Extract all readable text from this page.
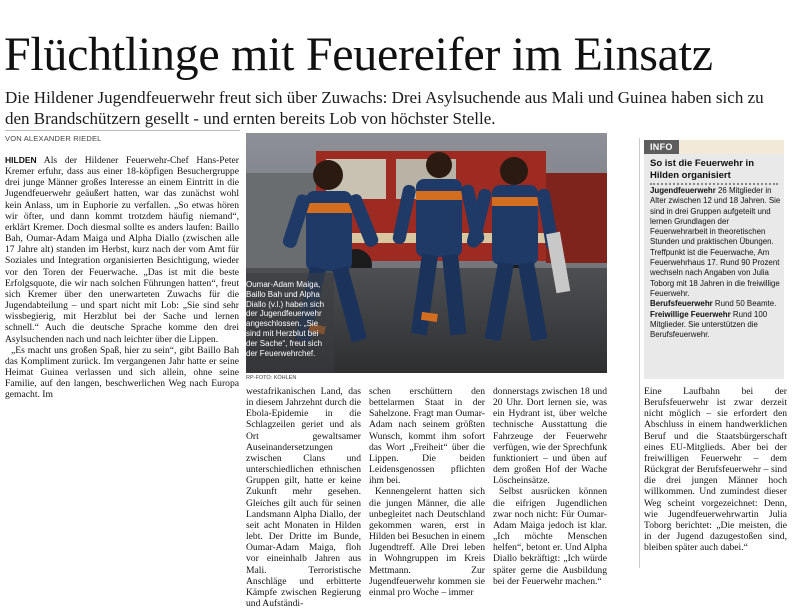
Flüchtlinge mit Feuereifer im Einsatz
Die Hildener Jugendfeuerwehr freut sich über Zuwachs: Drei Asylsuchende aus Mali und Guinea haben sich zu den Brandschützern gesellt - und ernten bereits Lob von höchster Stelle.
VON ALEXANDER RIEDEL

HILDEN Als der Hildener Feuerwehr-Chef Hans-Peter Kremer erfuhr, dass aus einer 18-köpfigen Besuchergruppe drei junge Männer großes Interesse an einem Eintritt in die Jugendfeuerwehr geäußert hatten, war das zunächst wohl kein Anlass, um in Euphorie zu verfallen. „So etwas hören wir öfter, und dann kommt trotzdem häufig niemand“, erklärt Kremer. Doch diesmal sollte es anders laufen: Baillo Bah, Oumar-Adam Maiga und Alpha Diallo (zwischen alle 17 Jahre alt) standen im Herbst, kurz nach der vom Amt für Soziales und Integration organisierten Besichtigung, wieder vor den Toren der Feuerwache. „Das ist mit die beste Erfolgsquote, die wir nach solchen Führungen hatten“, freut sich Kremer über den unerwarteten Zuwachs für die Jugendabteilung – und spart nicht mit Lob: „Sie sind sehr wissbegierig, mit Herzblut bei der Sache und lernen schnell.“ Auch die deutsche Sprache komme den drei Asylsuchenden nach und nach leichter über die Lippen.

„Es macht uns großen Spaß, hier zu sein“, gibt Baillo Bah das Kompliment zurück. Im vergangenen Jahr hatte er seine Heimat Guinea verlassen und sich allein, ohne seine Familie, auf den langen, beschwerlichen Weg nach Europa gemacht. Im

Oumar-Adam Maiga, Baillo Bah und Alpha Diallo (v.l.) haben sich der Jugendfeuerwehr angeschlossen. „Sie sind mit Herzblut bei der Sache“, freut sich der Feuerwehrchef.
RP-FOTO: KÖHLEN

westafrikanischen Land, das in diesem Jahrzehnt durch die Ebola-Epidemie in die Schlagzeilen geriet und als Ort gewaltsamer Auseinandersetzungen zwischen Clans und unterschiedlichen ethnischen Gruppen gilt, hatte er keine Zukunft mehr gesehen. Gleiches gilt auch für seinen Landsmann Alpha Diallo, der seit acht Monaten in Hilden lebt. Der Dritte im Bunde, Oumar-Adam Maiga, floh vor eineinhalb Jahren aus Mali. Terroristische Anschläge und erbitterte Kämpfe zwischen Regierung und Aufständi-

schen erschüttern den bettelarmen Staat in der Sahelzone. Fragt man Oumar-Adam nach seinem größten Wunsch, kommt ihm sofort das Wort „Freiheit“ über die Lippen. Die beiden Leidensgenossen pflichten ihm bei.

Kennengelernt hatten sich die jungen Männer, die alle unbegleitet nach Deutschland gekommen waren, erst in Hilden bei Besuchen in einem Jugendtreff. Alle Drei leben in Wohngruppen im Kreis Mettmann. Zur Jugendfeuerwehr kommen sie einmal pro Woche – immer

donnerstags zwischen 18 und 20 Uhr. Dort lernen sie, was ein Hydrant ist, über welche technische Ausstattung die Fahrzeuge der Feuerwehr verfügen, wie der Sprechfunk funktioniert – und üben auf dem großen Hof der Wache Löscheinsätze.

Selbst ausrücken können die eifrigen Jugendlichen zwar noch nicht: Für Oumar-Adam Maiga jedoch ist klar. „Ich möchte Menschen helfen“, betont er. Und Alpha Diallo bekräftigt: „Ich würde später gerne die Ausbildung bei der Feuerwehr machen.“

INFO
So ist die Feuerwehr in Hilden organisiert

Jugendfeuerwehr 26 Mitglieder in Alter zwischen 12 und 18 Jahren. Sie sind in drei Gruppen aufgeteilt und lernen Grundlagen der Feuerwehrarbeit in theoretischen Stunden und praktischen Übungen. Treffpunkt ist die Feuerwache, Am Feuerwehrhaus 17. Rund 90 Prozent wechseln nach Angaben von Julia Toborg mit 18 Jahren in die freiwillige Feuerwehr.

Berufsfeuerwehr Rund 50 Beamte.

Freiwillige Feuerwehr Rund 100 Mitglieder. Sie unterstützen die Berufsfeuerwehr.

Eine Laufbahn bei der Berufsfeuerwehr ist zwar derzeit nicht möglich – sie erfordert den Abschluss in einem handwerklichen Beruf und die Staatsbürgerschaft eines EU-Mitglieds. Aber bei der freiwilligen Feuerwehr – dem Rückgrat der Berufsfeuerwehr – sind die drei jungen Männer hoch willkommen. Und zumindest dieser Weg scheint vorgezeichnet: Denn, wie Jugendfeuerwehrwartin Julia Toborg berichtet: „Die meisten, die in der Jugend dazugestoßen sind, bleiben später auch dabei.“
